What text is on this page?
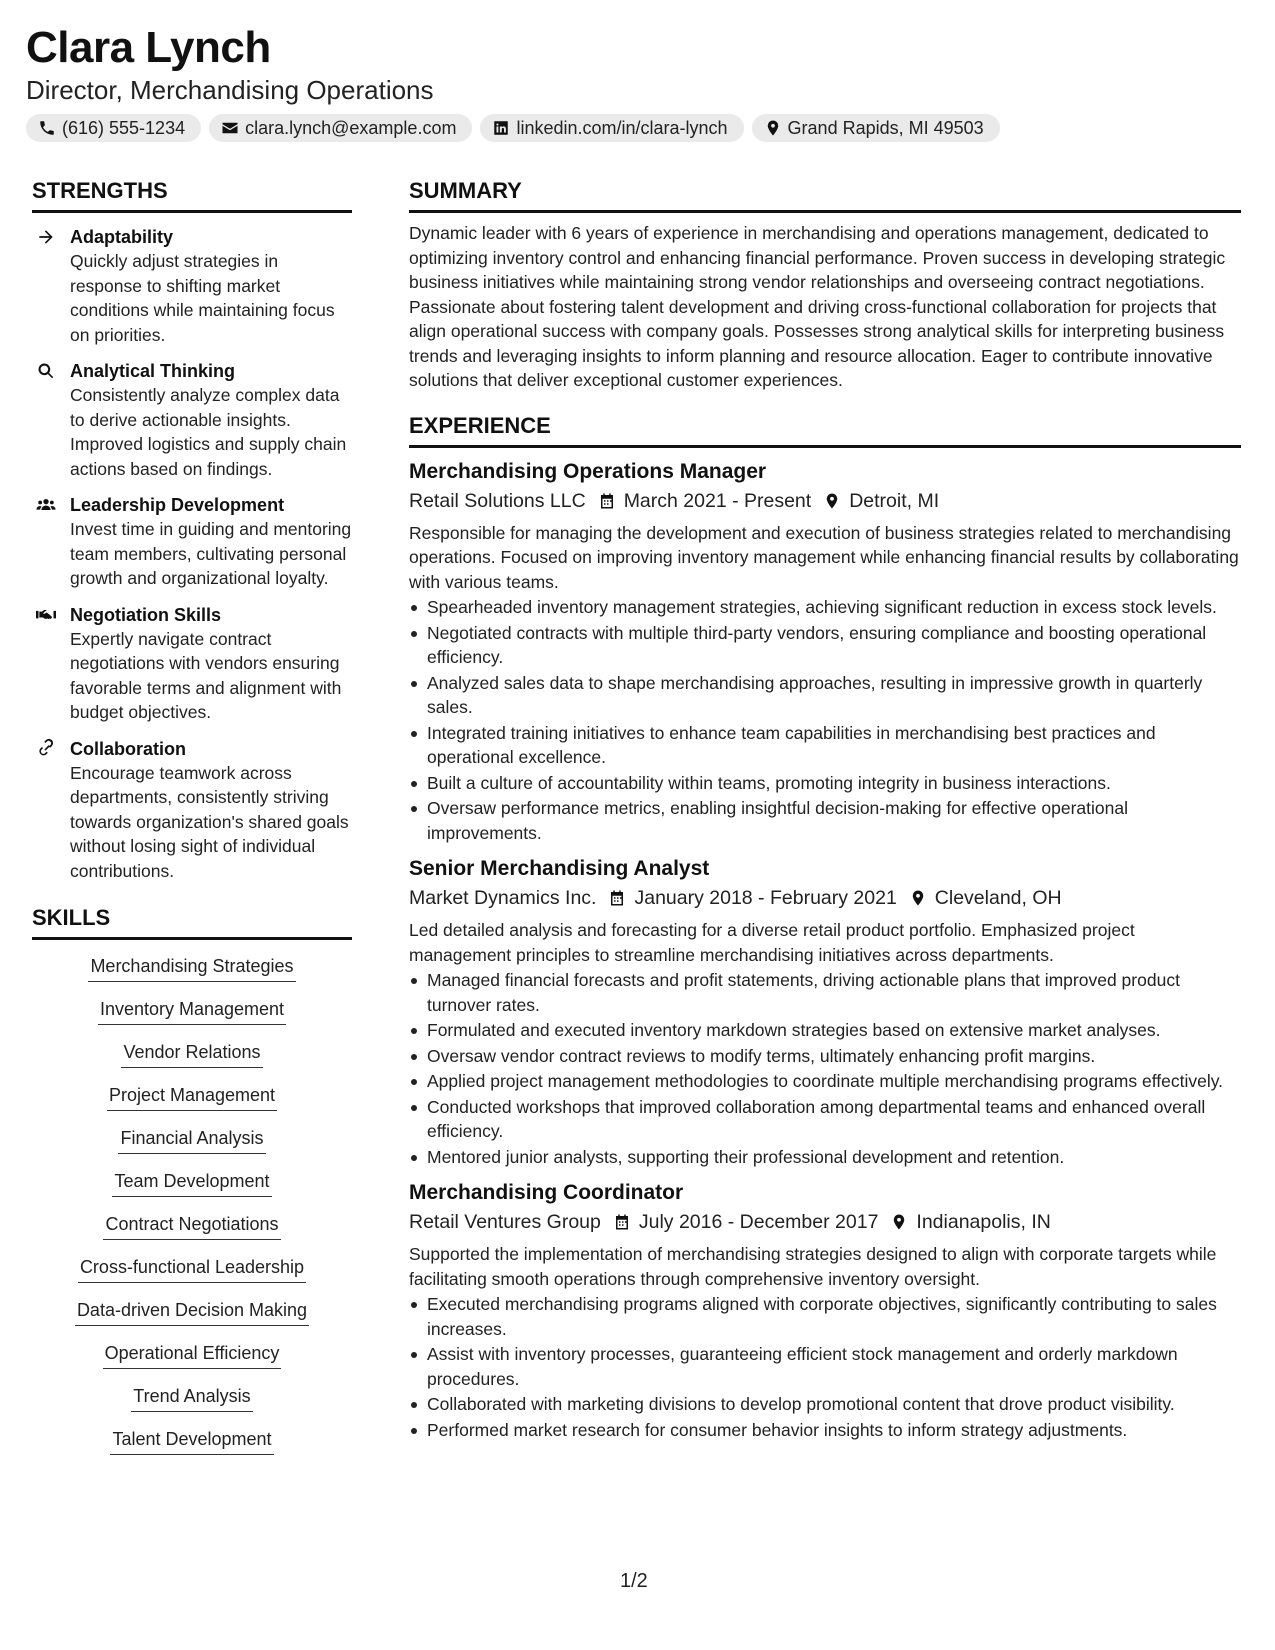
Clara Lynch
Director, Merchandising Operations
(616) 555-1234	clara.lynch@example.com	linkedin.com/in/clara-lynch	Grand Rapids, MI 49503
STRENGTHS
Adaptability
Quickly adjust strategies in response to shifting market conditions while maintaining focus on priorities.
Analytical Thinking
Consistently analyze complex data to derive actionable insights. Improved logistics and supply chain actions based on findings.
Leadership Development
Invest time in guiding and mentoring team members, cultivating personal growth and organizational loyalty.
Negotiation Skills
Expertly navigate contract negotiations with vendors ensuring favorable terms and alignment with budget objectives.
Collaboration
Encourage teamwork across departments, consistently striving towards organization's shared goals without losing sight of individual contributions.
SKILLS
Merchandising Strategies
Inventory Management
Vendor Relations
Project Management
Financial Analysis
Team Development
Contract Negotiations
Cross-functional Leadership
Data-driven Decision Making
Operational Efficiency
Trend Analysis
Talent Development
SUMMARY
Dynamic leader with 6 years of experience in merchandising and operations management, dedicated to optimizing inventory control and enhancing financial performance. Proven success in developing strategic business initiatives while maintaining strong vendor relationships and overseeing contract negotiations. Passionate about fostering talent development and driving cross-functional collaboration for projects that align operational success with company goals. Possesses strong analytical skills for interpreting business trends and leveraging insights to inform planning and resource allocation. Eager to contribute innovative solutions that deliver exceptional customer experiences.
EXPERIENCE
Merchandising Operations Manager
Retail Solutions LLC March 2021 - Present Detroit, MI
Responsible for managing the development and execution of business strategies related to merchandising operations. Focused on improving inventory management while enhancing financial results by collaborating with various teams.
Spearheaded inventory management strategies, achieving significant reduction in excess stock levels.
Negotiated contracts with multiple third-party vendors, ensuring compliance and boosting operational efficiency.
Analyzed sales data to shape merchandising approaches, resulting in impressive growth in quarterly sales.
Integrated training initiatives to enhance team capabilities in merchandising best practices and operational excellence.
Built a culture of accountability within teams, promoting integrity in business interactions.
Oversaw performance metrics, enabling insightful decision-making for effective operational improvements.
Senior Merchandising Analyst
Market Dynamics Inc. January 2018 - February 2021 Cleveland, OH
Led detailed analysis and forecasting for a diverse retail product portfolio. Emphasized project management principles to streamline merchandising initiatives across departments.
Managed financial forecasts and profit statements, driving actionable plans that improved product turnover rates.
Formulated and executed inventory markdown strategies based on extensive market analyses.
Oversaw vendor contract reviews to modify terms, ultimately enhancing profit margins.
Applied project management methodologies to coordinate multiple merchandising programs effectively.
Conducted workshops that improved collaboration among departmental teams and enhanced overall efficiency.
Mentored junior analysts, supporting their professional development and retention.
Merchandising Coordinator
Retail Ventures Group July 2016 - December 2017 Indianapolis, IN
Supported the implementation of merchandising strategies designed to align with corporate targets while facilitating smooth operations through comprehensive inventory oversight.
Executed merchandising programs aligned with corporate objectives, significantly contributing to sales increases.
Assist with inventory processes, guaranteeing efficient stock management and orderly markdown procedures.
Collaborated with marketing divisions to develop promotional content that drove product visibility.
Performed market research for consumer behavior insights to inform strategy adjustments.
1/2
